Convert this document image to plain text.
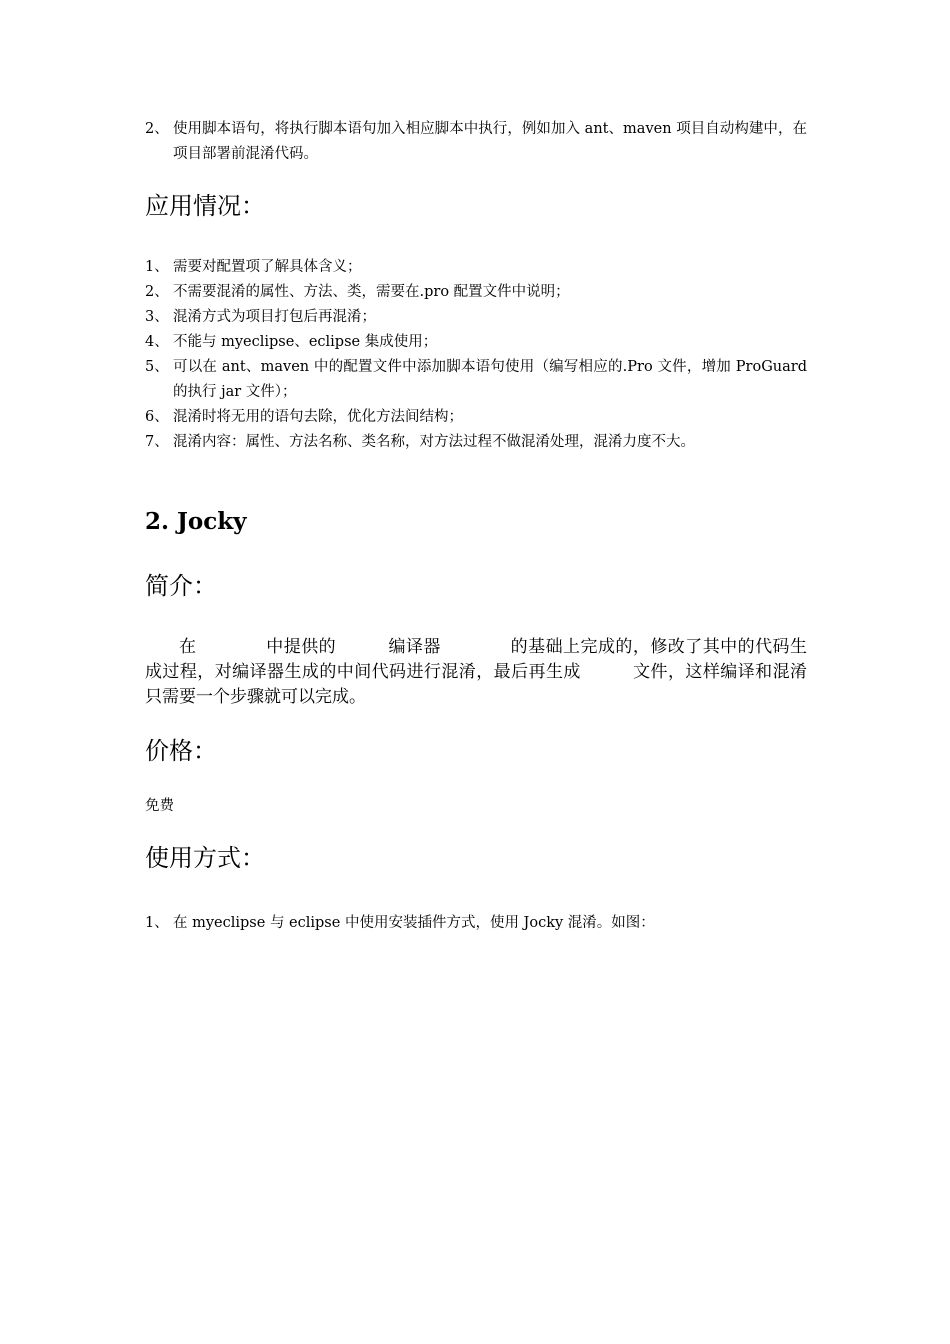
2、 使用脚本语句，将执行脚本语句加入相应脚本中执行，例如加入 ant、maven 项目自动构建中，在项目部署前混淆代码。
应用情况：
1、 需要对配置项了解具体含义；
2、 不需要混淆的属性、方法、类，需要在.pro 配置文件中说明；
3、 混淆方式为项目打包后再混淆；
4、 不能与 myeclipse、eclipse 集成使用；
5、 可以在 ant、maven 中的配置文件中添加脚本语句使用（编写相应的.Pro 文件，增加 ProGuard 的执行 jar 文件）；
6、 混淆时将无用的语句去除，优化方法间结构；
7、 混淆内容：属性、方法名称、类名称，对方法过程不做混淆处理，混淆力度不大。
2. Jocky
简介：

在　　　　中提供的　　　编译器　　　　的基础上完成的，修改了其中的代码生成过程，对编译器生成的中间代码进行混淆，最后再生成　　　文件，这样编译和混淆只需要一个步骤就可以完成。

价格：

免费

使用方式：
1、 在 myeclipse 与 eclipse 中使用安装插件方式，使用 Jocky 混淆。如图：
